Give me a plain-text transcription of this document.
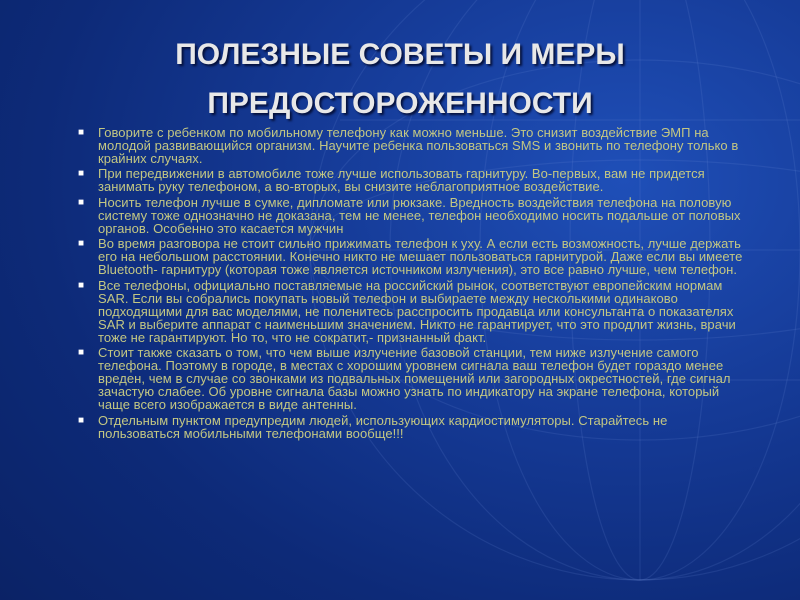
ПОЛЕЗНЫЕ СОВЕТЫ И МЕРЫ
ПРЕДОСТОРОЖЕННОСТИ
■ Говорите с ребенком по мобильному телефону как можно меньше. Это снизит воздействие ЭМП на молодой развивающийся организм. Научите ребенка пользоваться SMS и звонить по телефону только в крайних случаях.
■ При передвижении в автомобиле тоже лучше использовать гарнитуру. Во-первых, вам не придется занимать руку телефоном, а во-вторых, вы снизите неблагоприятное воздействие.
■ Носить телефон лучше в сумке, дипломате или рюкзаке. Вредность воздействия телефона на половую систему тоже однозначно не доказана, тем не менее, телефон необходимо носить подальше от половых органов. Особенно это касается мужчин
■ Во время разговора не стоит сильно прижимать телефон к уху. А если есть возможность, лучше держать его на небольшом расстоянии. Конечно никто не мешает пользоваться гарнитурой. Даже если вы имеете Bluetooth- гарнитуру (которая тоже является источником излучения), это все равно лучше, чем телефон.
■ Все телефоны, официально поставляемые на российский рынок, соответствуют европейским нормам SAR. Если вы собрались покупать новый телефон и выбираете между несколькими одинаково подходящими для вас моделями, не поленитесь расспросить продавца или консультанта о показателях SAR и выберите аппарат с наименьшим значением. Никто не гарантирует, что это продлит жизнь, врачи тоже не гарантируют. Но то, что не сократит,- признанный факт.
■ Стоит также сказать о том, что чем выше излучение базовой станции, тем ниже излучение самого телефона. Поэтому в городе, в местах с хорошим уровнем сигнала ваш телефон будет гораздо менее вреден, чем в случае со звонками из подвальных помещений или загородных окрестностей, где сигнал зачастую слабее. Об уровне сигнала базы можно узнать по индикатору на экране телефона, который чаще всего изображается в виде антенны.
■ Отдельным пунктом предупредим людей, использующих кардиостимуляторы. Старайтесь не пользоваться мобильными телефонами вообще!!!
